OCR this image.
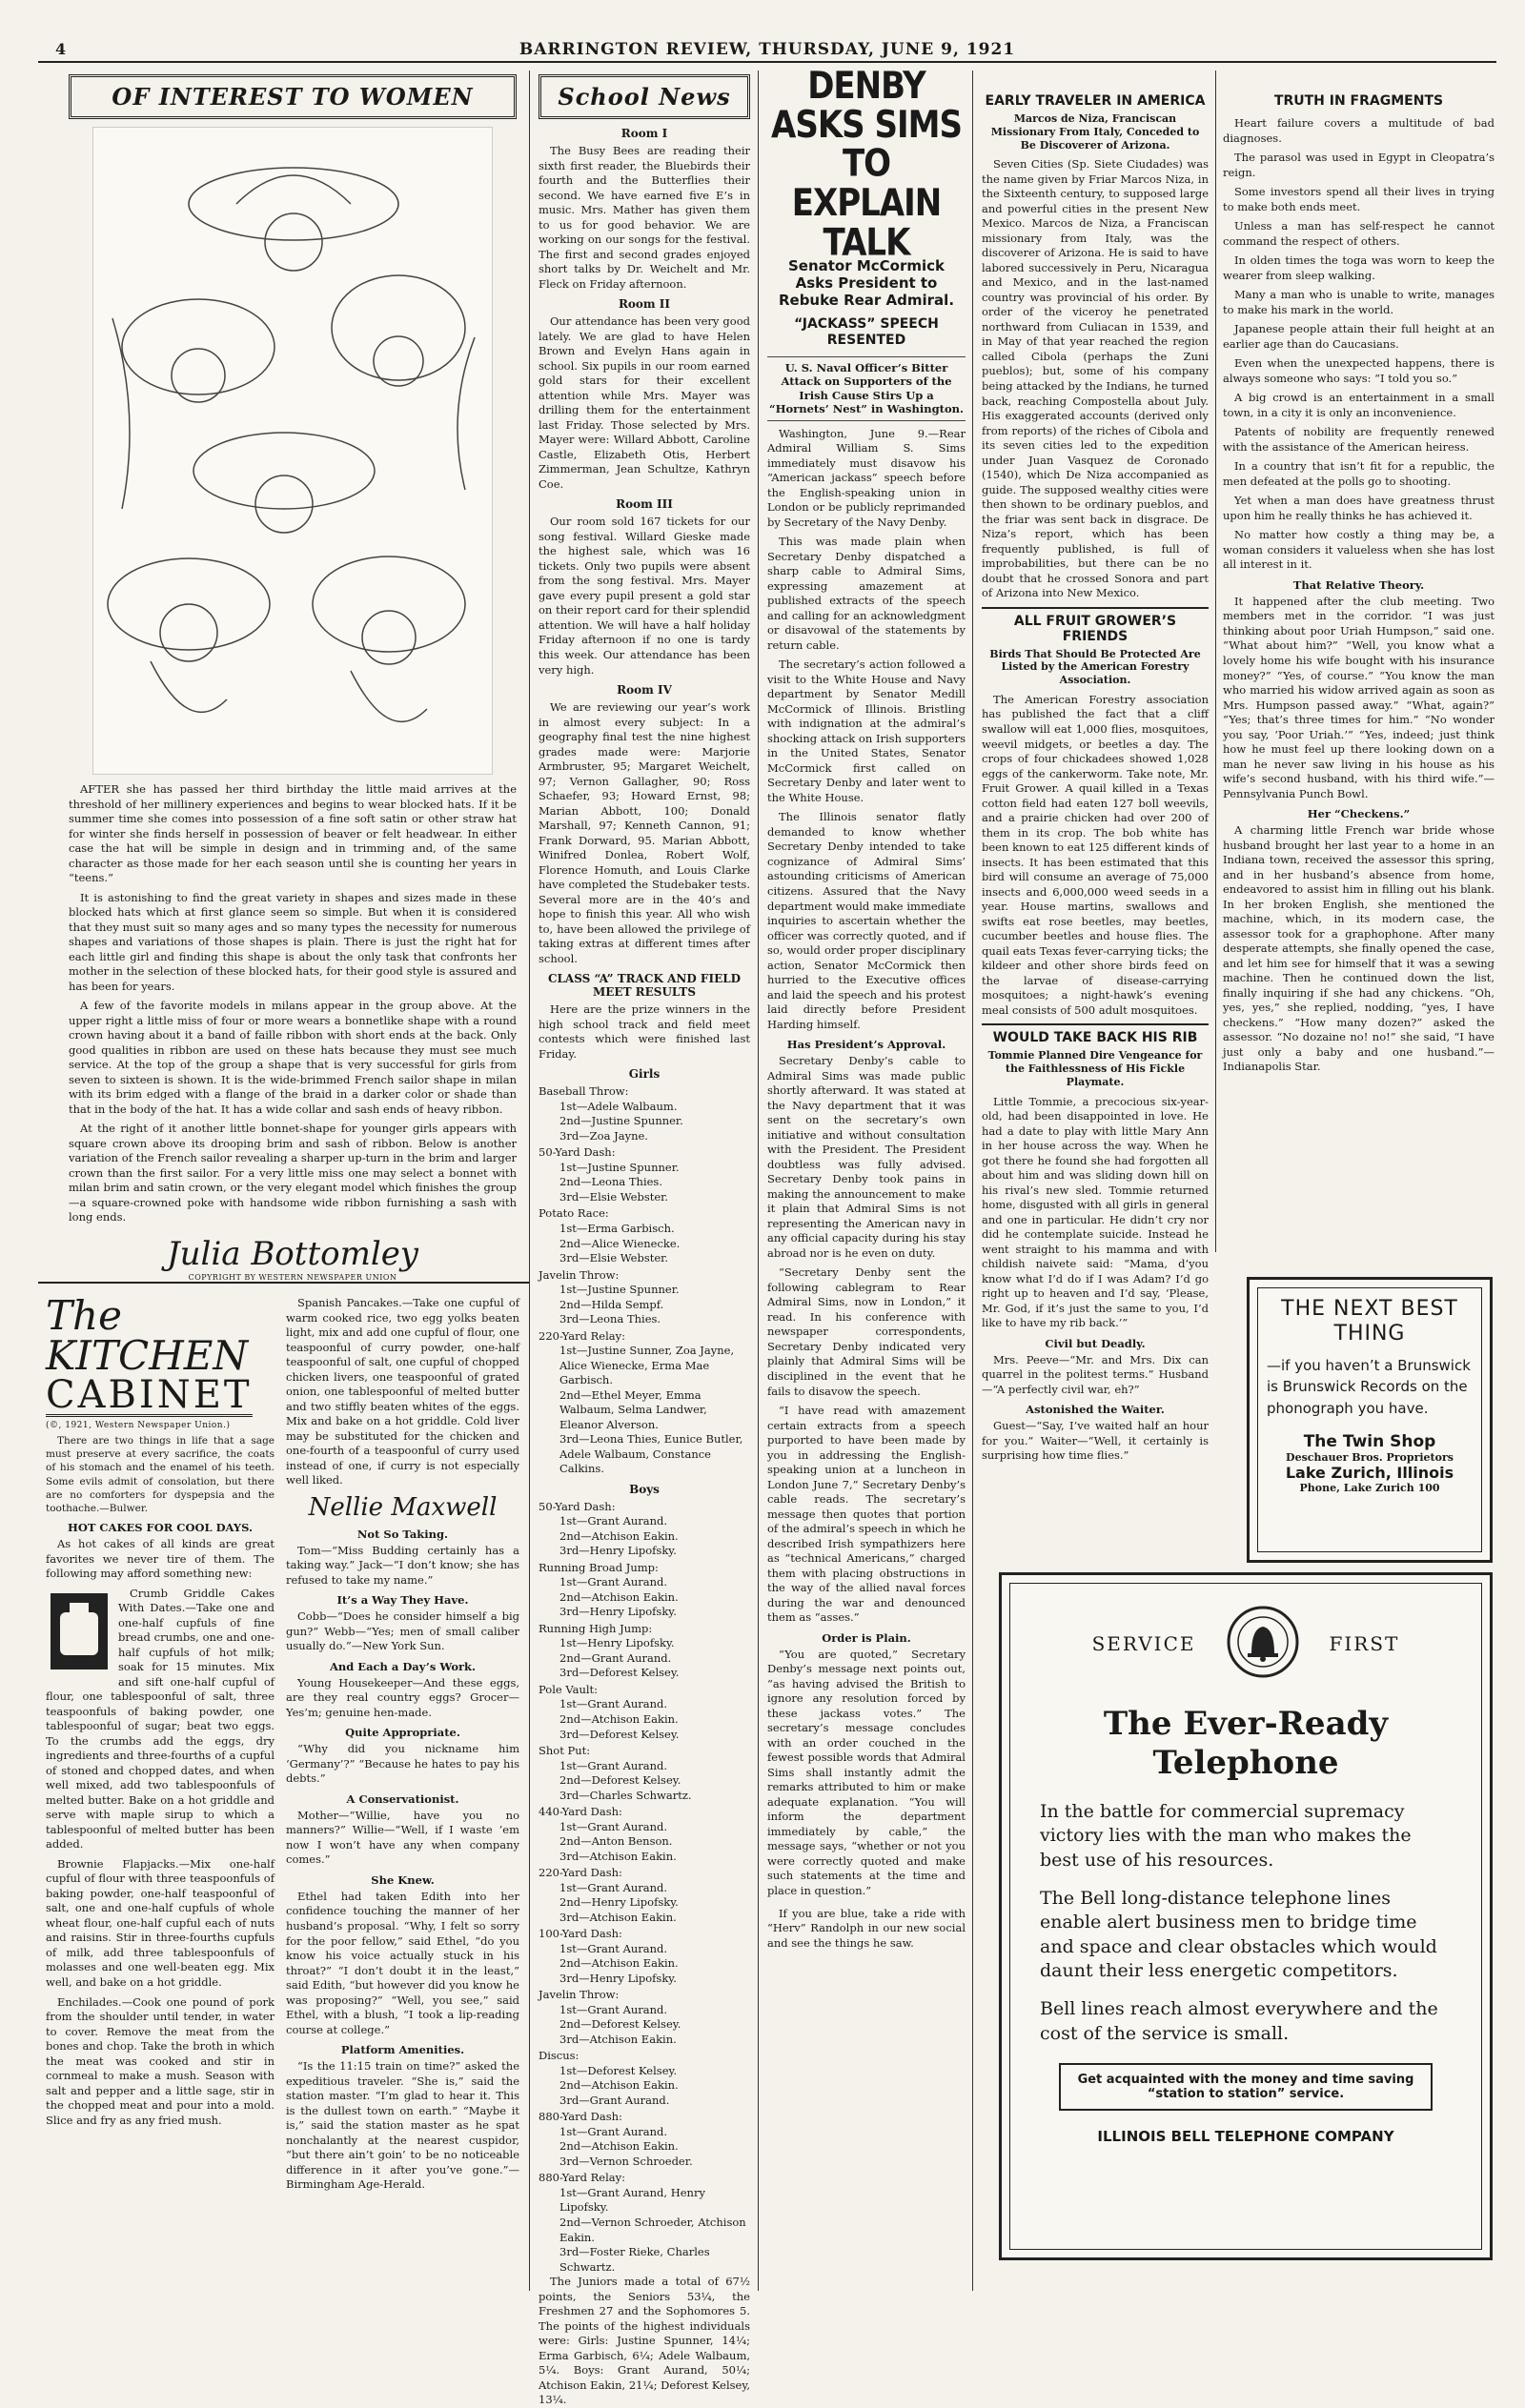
4	BARRINGTON REVIEW, THURSDAY, JUNE 9, 1921
OF INTEREST TO WOMEN

AFTER she has passed her third birthday the little maid arrives at the threshold of her millinery experiences and begins to wear blocked hats. If it be summer time she comes into possession of a fine soft satin or other straw hat for winter she finds herself in possession of beaver or felt headwear. In either case the hat will be simple in design and in trimming and, of the same character as those made for her each season until she is counting her years in “teens.”

It is astonishing to find the great variety in shapes and sizes made in these blocked hats which at first glance seem so simple. But when it is considered that they must suit so many ages and so many types the necessity for numerous shapes and variations of those shapes is plain. There is just the right hat for each little girl and finding this shape is about the only task that confronts her mother in the selection of these blocked hats, for their good style is assured and has been for years.

A few of the favorite models in milans appear in the group above. At the upper right a little miss of four or more wears a bonnetlike shape with a round crown having about it a band of faille ribbon with short ends at the back. Only good qualities in ribbon are used on these hats because they must see much service. At the top of the group a shape that is very successful for girls from seven to sixteen is shown. It is the wide-brimmed French sailor shape in milan with its brim edged with a flange of the braid in a darker color or shade than that in the body of the hat. It has a wide collar and sash ends of heavy ribbon.

At the right of it another little bonnet-shape for younger girls appears with square crown above its drooping brim and sash of ribbon. Below is another variation of the French sailor revealing a sharper up-turn in the brim and larger crown than the first sailor. For a very little miss one may select a bonnet with milan brim and satin crown, or the very elegant model which finishes the group—a square-crowned poke with handsome wide ribbon furnishing a sash with long ends.

Julia Bottomley
COPYRIGHT BY WESTERN NEWSPAPER UNION
The KITCHEN
CABINET
(©, 1921, Western Newspaper Union.)

There are two things in life that a sage must preserve at every sacrifice, the coats of his stomach and the enamel of his teeth. Some evils admit of consolation, but there are no comforters for dyspepsia and the toothache.—Bulwer.

HOT CAKES FOR COOL DAYS.

As hot cakes of all kinds are great favorites we never tire of them. The following may afford something new:

Crumb Griddle Cakes With Dates.—Take one and one-half cupfuls of fine bread crumbs, one and one-half cupfuls of hot milk; soak for 15 minutes. Mix and sift one-half cupful of flour, one tablespoonful of salt, three teaspoonfuls of baking powder, one tablespoonful of sugar; beat two eggs. To the crumbs add the eggs, dry ingredients and three-fourths of a cupful of stoned and chopped dates, and when well mixed, add two tablespoonfuls of melted butter. Bake on a hot griddle and serve with maple sirup to which a tablespoonful of melted butter has been added.

Brownie Flapjacks.—Mix one-half cupful of flour with three teaspoonfuls of baking powder, one-half teaspoonful of salt, one and one-half cupfuls of whole wheat flour, one-half cupful each of nuts and raisins. Stir in three-fourths cupfuls of milk, add three tablespoonfuls of molasses and one well-beaten egg. Mix well, and bake on a hot griddle.

Enchilades.—Cook one pound of pork from the shoulder until tender, in water to cover. Remove the meat from the bones and chop. Take the broth in which the meat was cooked and stir in cornmeal to make a mush. Season with salt and pepper and a little sage, stir in the chopped meat and pour into a mold. Slice and fry as any fried mush.

Spanish Pancakes.—Take one cupful of warm cooked rice, two egg yolks beaten light, mix and add one cupful of flour, one teaspoonful of curry powder, one-half teaspoonful of salt, one cupful of chopped chicken livers, one teaspoonful of grated onion, one tablespoonful of melted butter and two stiffly beaten whites of the eggs. Mix and bake on a hot griddle. Cold liver may be substituted for the chicken and one-fourth of a teaspoonful of curry used instead of one, if curry is not especially well liked.

Nellie Maxwell
Not So Taking.

Tom—“Miss Budding certainly has a taking way.” Jack—“I don’t know; she has refused to take my name.”

It’s a Way They Have.

Cobb—“Does he consider himself a big gun?” Webb—“Yes; men of small caliber usually do.”—New York Sun.

And Each a Day’s Work.

Young Housekeeper—And these eggs, are they real country eggs? Grocer—Yes’m; genuine hen-made.

Quite Appropriate.

“Why did you nickname him ‘Germany’?” “Because he hates to pay his debts.”

A Conservationist.

Mother—“Willie, have you no manners?” Willie—“Well, if I waste ’em now I won’t have any when company comes.”

She Knew.

Ethel had taken Edith into her confidence touching the manner of her husband’s proposal. “Why, I felt so sorry for the poor fellow,” said Ethel, “do you know his voice actually stuck in his throat?” “I don’t doubt it in the least,” said Edith, “but however did you know he was proposing?” “Well, you see,” said Ethel, with a blush, “I took a lip-reading course at college.”

Platform Amenities.

“Is the 11:15 train on time?” asked the expeditious traveler. “She is,” said the station master. “I’m glad to hear it. This is the dullest town on earth.” “Maybe it is,” said the station master as he spat nonchalantly at the nearest cuspidor, “but there ain’t goin’ to be no noticeable difference in it after you’ve gone.”—Birmingham Age-Herald.

School News
Room I

The Busy Bees are reading their sixth first reader, the Bluebirds their fourth and the Butterflies their second. We have earned five E’s in music. Mrs. Mather has given them to us for good behavior. We are working on our songs for the festival. The first and second grades enjoyed short talks by Dr. Weichelt and Mr. Fleck on Friday afternoon.

Room II

Our attendance has been very good lately. We are glad to have Helen Brown and Evelyn Hans again in school. Six pupils in our room earned gold stars for their excellent attention while Mrs. Mayer was drilling them for the entertainment last Friday. Those selected by Mrs. Mayer were: Willard Abbott, Caroline Castle, Elizabeth Otis, Herbert Zimmerman, Jean Schultze, Kathryn Coe.

Room III

Our room sold 167 tickets for our song festival. Willard Gieske made the highest sale, which was 16 tickets. Only two pupils were absent from the song festival. Mrs. Mayer gave every pupil present a gold star on their report card for their splendid attention. We will have a half holiday Friday afternoon if no one is tardy this week. Our attendance has been very high.

Room IV

We are reviewing our year’s work in almost every subject: In a geography final test the nine highest grades made were: Marjorie Armbruster, 95; Margaret Weichelt, 97; Vernon Gallagher, 90; Ross Schaefer, 93; Howard Ernst, 98; Marian Abbott, 100; Donald Marshall, 97; Kenneth Cannon, 91; Frank Dorward, 95. Marian Abbott, Winifred Donlea, Robert Wolf, Florence Homuth, and Louis Clarke have completed the Studebaker tests. Several more are in the 40’s and hope to finish this year. All who wish to, have been allowed the privilege of taking extras at different times after school.

CLASS “A” TRACK AND FIELD MEET RESULTS

Here are the prize winners in the high school track and field meet contests which were finished last Friday.

Girls
Baseball Throw:
1st—Adele Walbaum.
2nd—Justine Spunner.
3rd—Zoa Jayne.
50-Yard Dash:
1st—Justine Spunner.
2nd—Leona Thies.
3rd—Elsie Webster.
Potato Race:
1st—Erma Garbisch.
2nd—Alice Wienecke.
3rd—Elsie Webster.
Javelin Throw:
1st—Justine Spunner.
2nd—Hilda Sempf.
3rd—Leona Thies.
220-Yard Relay:
1st—Justine Sunner, Zoa Jayne, Alice Wienecke, Erma Mae Garbisch.
2nd—Ethel Meyer, Emma Walbaum, Selma Landwer, Eleanor Alverson.
3rd—Leona Thies, Eunice Butler, Adele Walbaum, Constance Calkins.
Boys
50-Yard Dash:
1st—Grant Aurand.
2nd—Atchison Eakin.
3rd—Henry Lipofsky.
Running Broad Jump:
1st—Grant Aurand.
2nd—Atchison Eakin.
3rd—Henry Lipofsky.
Running High Jump:
1st—Henry Lipofsky.
2nd—Grant Aurand.
3rd—Deforest Kelsey.
Pole Vault:
1st—Grant Aurand.
2nd—Atchison Eakin.
3rd—Deforest Kelsey.
Shot Put:
1st—Grant Aurand.
2nd—Deforest Kelsey.
3rd—Charles Schwartz.
440-Yard Dash:
1st—Grant Aurand.
2nd—Anton Benson.
3rd—Atchison Eakin.
220-Yard Dash:
1st—Grant Aurand.
2nd—Henry Lipofsky.
3rd—Atchison Eakin.
100-Yard Dash:
1st—Grant Aurand.
2nd—Atchison Eakin.
3rd—Henry Lipofsky.
Javelin Throw:
1st—Grant Aurand.
2nd—Deforest Kelsey.
3rd—Atchison Eakin.
Discus:
1st—Deforest Kelsey.
2nd—Atchison Eakin.
3rd—Grant Aurand.
880-Yard Dash:
1st—Grant Aurand.
2nd—Atchison Eakin.
3rd—Vernon Schroeder.
880-Yard Relay:
1st—Grant Aurand, Henry Lipofsky.
2nd—Vernon Schroeder, Atchison Eakin.
3rd—Foster Rieke, Charles Schwartz.

The Juniors made a total of 67½ points, the Seniors 53¼, the Freshmen 27 and the Sophomores 5. The points of the highest individuals were: Girls: Justine Spunner, 14¼; Erma Garbisch, 6¼; Adele Walbaum, 5¼. Boys: Grant Aurand, 50¼; Atchison Eakin, 21¼; Deforest Kelsey, 13¼.

DENBY ASKS SIMS TO EXPLAIN TALK
Senator McCormick Asks President to Rebuke Rear Admiral.
“JACKASS” SPEECH RESENTED
U. S. Naval Officer’s Bitter Attack on Supporters of the Irish Cause Stirs Up a “Hornets’ Nest” in Washington.

Washington, June 9.—Rear Admiral William S. Sims immediately must disavow his “American jackass” speech before the English-speaking union in London or be publicly reprimanded by Secretary of the Navy Denby.

This was made plain when Secretary Denby dispatched a sharp cable to Admiral Sims, expressing amazement at published extracts of the speech and calling for an acknowledgment or disavowal of the statements by return cable.

The secretary’s action followed a visit to the White House and Navy department by Senator Medill McCormick of Illinois. Bristling with indignation at the admiral’s shocking attack on Irish supporters in the United States, Senator McCormick first called on Secretary Denby and later went to the White House.

The Illinois senator flatly demanded to know whether Secretary Denby intended to take cognizance of Admiral Sims’ astounding criticisms of American citizens. Assured that the Navy department would make immediate inquiries to ascertain whether the officer was correctly quoted, and if so, would order proper disciplinary action, Senator McCormick then hurried to the Executive offices and laid the speech and his protest laid directly before President Harding himself.

Has President’s Approval.

Secretary Denby’s cable to Admiral Sims was made public shortly afterward. It was stated at the Navy department that it was sent on the secretary’s own initiative and without consultation with the President. The President doubtless was fully advised. Secretary Denby took pains in making the announcement to make it plain that Admiral Sims is not representing the American navy in any official capacity during his stay abroad nor is he even on duty.

“Secretary Denby sent the following cablegram to Rear Admiral Sims, now in London,” it read. In his conference with newspaper correspondents, Secretary Denby indicated very plainly that Admiral Sims will be disciplined in the event that he fails to disavow the speech.

“I have read with amazement certain extracts from a speech purported to have been made by you in addressing the English-speaking union at a luncheon in London June 7,” Secretary Denby’s cable reads. The secretary’s message then quotes that portion of the admiral’s speech in which he described Irish sympathizers here as “technical Americans,” charged them with placing obstructions in the way of the allied naval forces during the war and denounced them as “asses.”

Order is Plain.

“You are quoted,” Secretary Denby’s message next points out, “as having advised the British to ignore any resolution forced by these jackass votes.” The secretary’s message concludes with an order couched in the fewest possible words that Admiral Sims shall instantly admit the remarks attributed to him or make adequate explanation. “You will inform the department immediately by cable,” the message says, “whether or not you were correctly quoted and make such statements at the time and place in question.”

If you are blue, take a ride with “Herv” Randolph in our new social and see the things he saw.

EARLY TRAVELER IN AMERICA
Marcos de Niza, Franciscan Missionary From Italy, Conceded to Be Discoverer of Arizona.

Seven Cities (Sp. Siete Ciudades) was the name given by Friar Marcos Niza, in the Sixteenth century, to supposed large and powerful cities in the present New Mexico. Marcos de Niza, a Franciscan missionary from Italy, was the discoverer of Arizona. He is said to have labored successively in Peru, Nicaragua and Mexico, and in the last-named country was provincial of his order. By order of the viceroy he penetrated northward from Culiacan in 1539, and in May of that year reached the region called Cibola (perhaps the Zuni pueblos); but, some of his company being attacked by the Indians, he turned back, reaching Compostella about July. His exaggerated accounts (derived only from reports) of the riches of Cibola and its seven cities led to the expedition under Juan Vasquez de Coronado (1540), which De Niza accompanied as guide. The supposed wealthy cities were then shown to be ordinary pueblos, and the friar was sent back in disgrace. De Niza’s report, which has been frequently published, is full of improbabilities, but there can be no doubt that he crossed Sonora and part of Arizona into New Mexico.

ALL FRUIT GROWER’S FRIENDS
Birds That Should Be Protected Are Listed by the American Forestry Association.

The American Forestry association has published the fact that a cliff swallow will eat 1,000 flies, mosquitoes, weevil midgets, or beetles a day. The crops of four chickadees showed 1,028 eggs of the cankerworm. Take note, Mr. Fruit Grower. A quail killed in a Texas cotton field had eaten 127 boll weevils, and a prairie chicken had over 200 of them in its crop. The bob white has been known to eat 125 different kinds of insects. It has been estimated that this bird will consume an average of 75,000 insects and 6,000,000 weed seeds in a year. House martins, swallows and swifts eat rose beetles, may beetles, cucumber beetles and house flies. The quail eats Texas fever-carrying ticks; the kildeer and other shore birds feed on the larvae of disease-carrying mosquitoes; a night-hawk’s evening meal consists of 500 adult mosquitoes.

WOULD TAKE BACK HIS RIB
Tommie Planned Dire Vengeance for the Faithlessness of His Fickle Playmate.

Little Tommie, a precocious six-year-old, had been disappointed in love. He had a date to play with little Mary Ann in her house across the way. When he got there he found she had forgotten all about him and was sliding down hill on his rival’s new sled. Tommie returned home, disgusted with all girls in general and one in particular. He didn’t cry nor did he contemplate suicide. Instead he went straight to his mamma and with childish naivete said: “Mama, d’you know what I’d do if I was Adam? I’d go right up to heaven and I’d say, ‘Please, Mr. God, if it’s just the same to you, I’d like to have my rib back.’”

Civil but Deadly.

Mrs. Peeve—“Mr. and Mrs. Dix can quarrel in the politest terms.” Husband—“A perfectly civil war, eh?”

Astonished the Waiter.

Guest—“Say, I’ve waited half an hour for you.” Waiter—“Well, it certainly is surprising how time flies.”

TRUTH IN FRAGMENTS

Heart failure covers a multitude of bad diagnoses.

The parasol was used in Egypt in Cleopatra’s reign.

Some investors spend all their lives in trying to make both ends meet.

Unless a man has self-respect he cannot command the respect of others.

In olden times the toga was worn to keep the wearer from sleep walking.

Many a man who is unable to write, manages to make his mark in the world.

Japanese people attain their full height at an earlier age than do Caucasians.

Even when the unexpected happens, there is always someone who says: “I told you so.”

A big crowd is an entertainment in a small town, in a city it is only an inconvenience.

Patents of nobility are frequently renewed with the assistance of the American heiress.

In a country that isn’t fit for a republic, the men defeated at the polls go to shooting.

Yet when a man does have greatness thrust upon him he really thinks he has achieved it.

No matter how costly a thing may be, a woman considers it valueless when she has lost all interest in it.

That Relative Theory.

It happened after the club meeting. Two members met in the corridor. “I was just thinking about poor Uriah Humpson,” said one. “What about him?” “Well, you know what a lovely home his wife bought with his insurance money?” “Yes, of course.” “You know the man who married his widow arrived again as soon as Mrs. Humpson passed away.” “What, again?” “Yes; that’s three times for him.” “No wonder you say, ‘Poor Uriah.’” “Yes, indeed; just think how he must feel up there looking down on a man he never saw living in his house as his wife’s second husband, with his third wife.”—Pennsylvania Punch Bowl.

Her “Checkens.”

A charming little French war bride whose husband brought her last year to a home in an Indiana town, received the assessor this spring, and in her husband’s absence from home, endeavored to assist him in filling out his blank. In her broken English, she mentioned the machine, which, in its modern case, the assessor took for a graphophone. After many desperate attempts, she finally opened the case, and let him see for himself that it was a sewing machine. Then he continued down the list, finally inquiring if she had any chickens. “Oh, yes, yes,” she replied, nodding, “yes, I have checkens.” “How many dozen?” asked the assessor. “No dozaine no! no!” she said, “I have just only a baby and one husband.”—Indianapolis Star.

THE NEXT BEST THING
—if you haven’t a Brunswick is Brunswick Records on the phonograph you have.
The Twin Shop
Deschauer Bros. Proprietors
Lake Zurich, Illinois
Phone, Lake Zurich 100
SERVICE	FIRST
The Ever-Ready Telephone

In the battle for commercial supremacy victory lies with the man who makes the best use of his resources.

The Bell long-distance telephone lines enable alert business men to bridge time and space and clear obstacles which would daunt their less energetic competitors.

Bell lines reach almost everywhere and the cost of the service is small.

Get acquainted with the money and time saving “station to station” service.
ILLINOIS BELL TELEPHONE COMPANY
